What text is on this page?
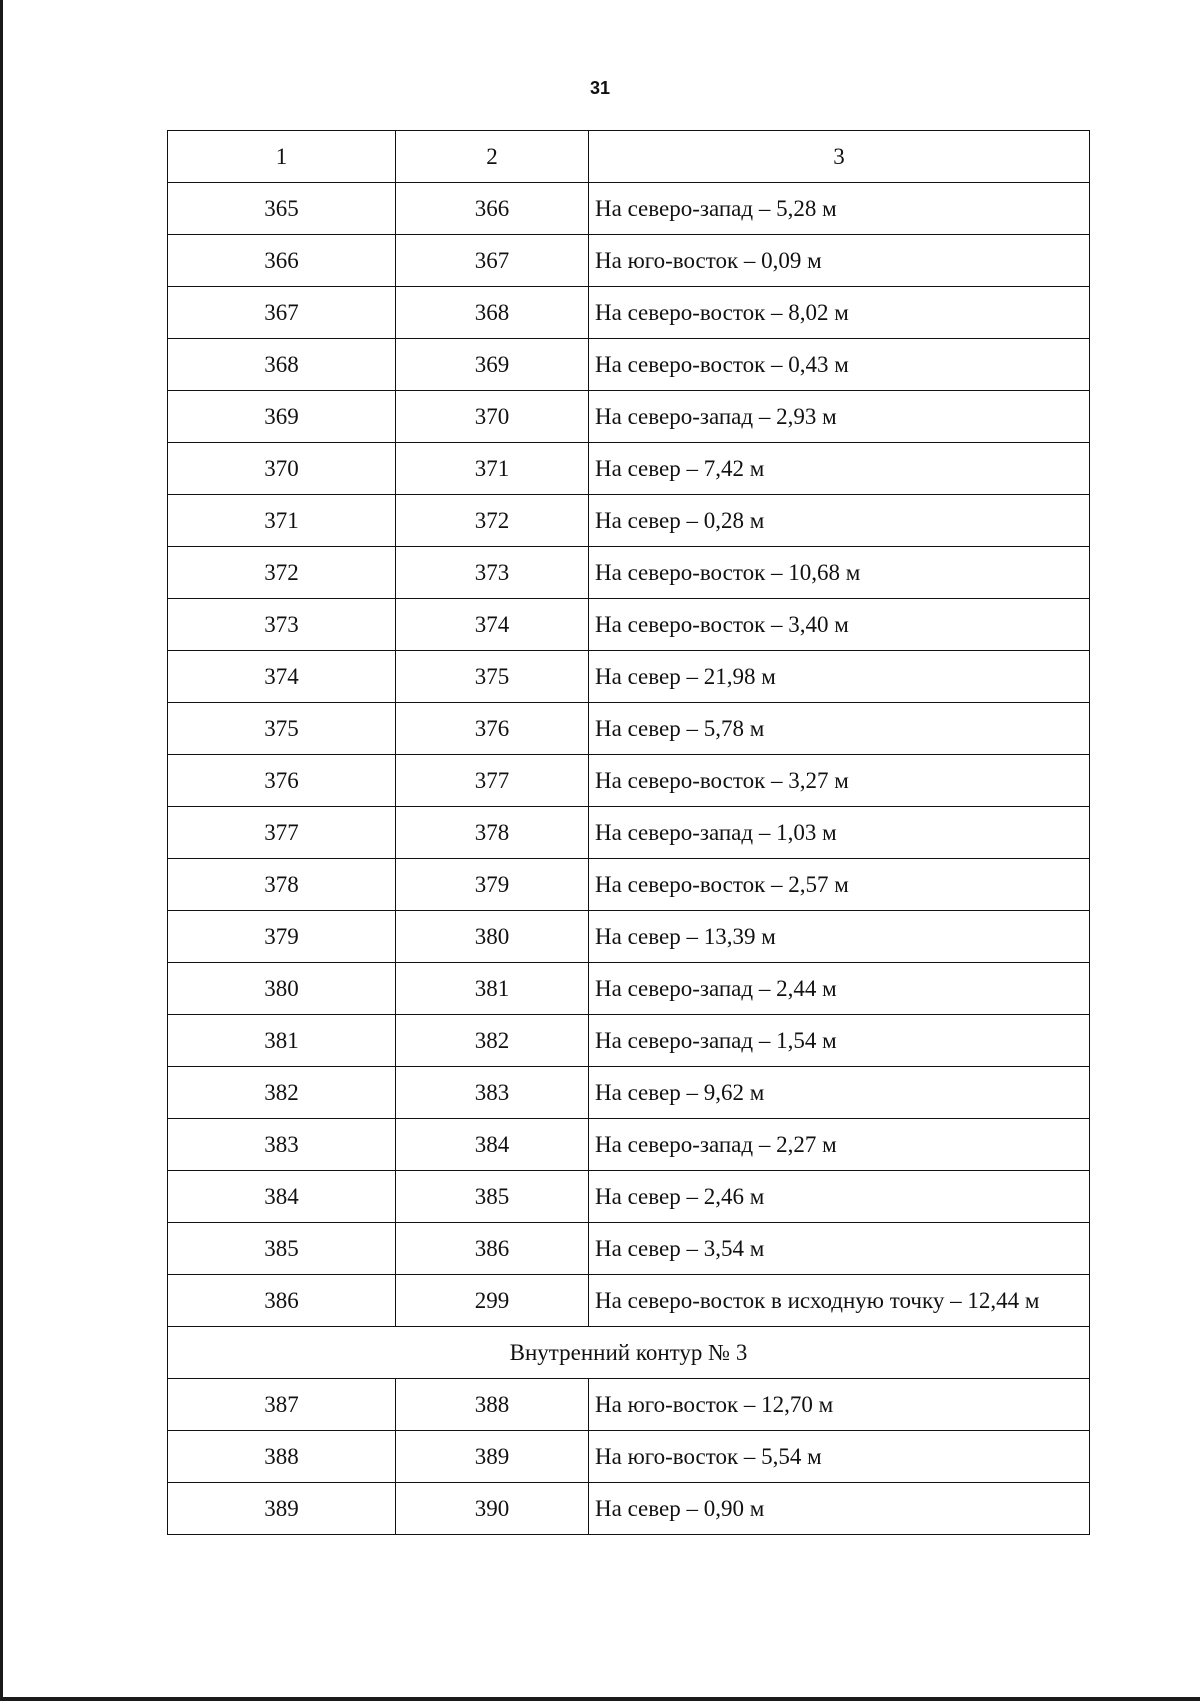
31
1	2	3
365	366	На северо-запад – 5,28 м
366	367	На юго-восток – 0,09 м
367	368	На северо-восток – 8,02 м
368	369	На северо-восток – 0,43 м
369	370	На северо-запад – 2,93 м
370	371	На север – 7,42 м
371	372	На север – 0,28 м
372	373	На северо-восток – 10,68 м
373	374	На северо-восток – 3,40 м
374	375	На север – 21,98 м
375	376	На север – 5,78 м
376	377	На северо-восток – 3,27 м
377	378	На северо-запад – 1,03 м
378	379	На северо-восток – 2,57 м
379	380	На север – 13,39 м
380	381	На северо-запад – 2,44 м
381	382	На северо-запад – 1,54 м
382	383	На север – 9,62 м
383	384	На северо-запад – 2,27 м
384	385	На север – 2,46 м
385	386	На север – 3,54 м
386	299	На северо-восток в исходную точку – 12,44 м
Внутренний контур № 3		
387	388	На юго-восток – 12,70 м
388	389	На юго-восток – 5,54 м
389	390	На север – 0,90 м
